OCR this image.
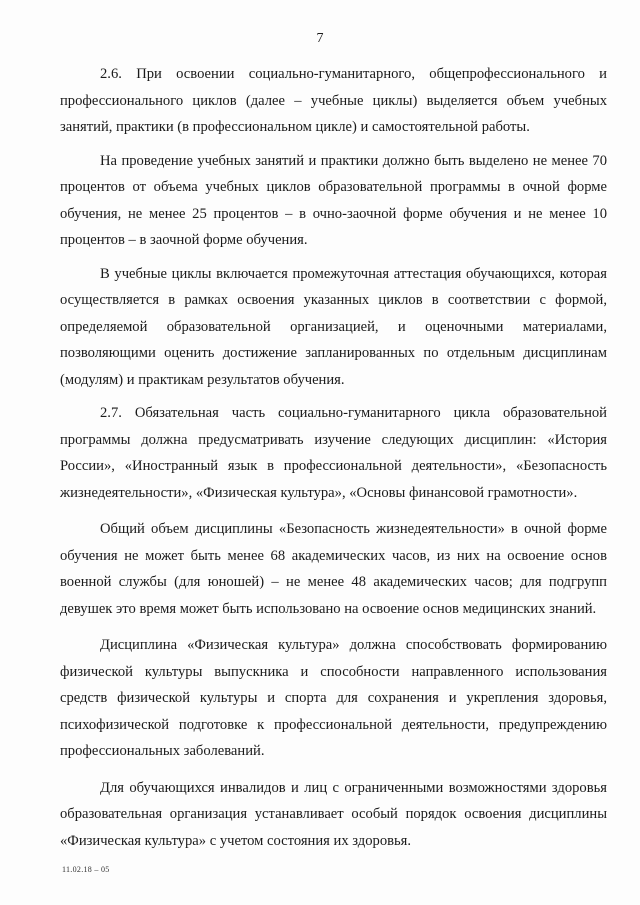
7

2.6. При освоении социально-гуманитарного, общепрофессионального и профессионального циклов (далее – учебные циклы) выделяется объем учебных занятий, практики (в профессиональном цикле) и самостоятельной работы.

На проведение учебных занятий и практики должно быть выделено не менее 70 процентов от объема учебных циклов образовательной программы в очной форме обучения, не менее 25 процентов – в очно-заочной форме обучения и не менее 10 процентов – в заочной форме обучения.

В учебные циклы включается промежуточная аттестация обучающихся, которая осуществляется в рамках освоения указанных циклов в соответствии с формой, определяемой образовательной организацией, и оценочными материалами, позволяющими оценить достижение запланированных по отдельным дисциплинам (модулям) и практикам результатов обучения.

2.7. Обязательная часть социально-гуманитарного цикла образовательной программы должна предусматривать изучение следующих дисциплин: «История России», «Иностранный язык в профессиональной деятельности», «Безопасность жизнедеятельности», «Физическая культура», «Основы финансовой грамотности».

Общий объем дисциплины «Безопасность жизнедеятельности» в очной форме обучения не может быть менее 68 академических часов, из них на освоение основ военной службы (для юношей) – не менее 48 академических часов; для подгрупп девушек это время может быть использовано на освоение основ медицинских знаний.

Дисциплина «Физическая культура» должна способствовать формированию физической культуры выпускника и способности направленного использования средств физической культуры и спорта для сохранения и укрепления здоровья, психофизической подготовке к профессиональной деятельности, предупреждению профессиональных заболеваний.

Для обучающихся инвалидов и лиц с ограниченными возможностями здоровья образовательная организация устанавливает особый порядок освоения дисциплины «Физическая культура» с учетом состояния их здоровья.

11.02.18 – 05
